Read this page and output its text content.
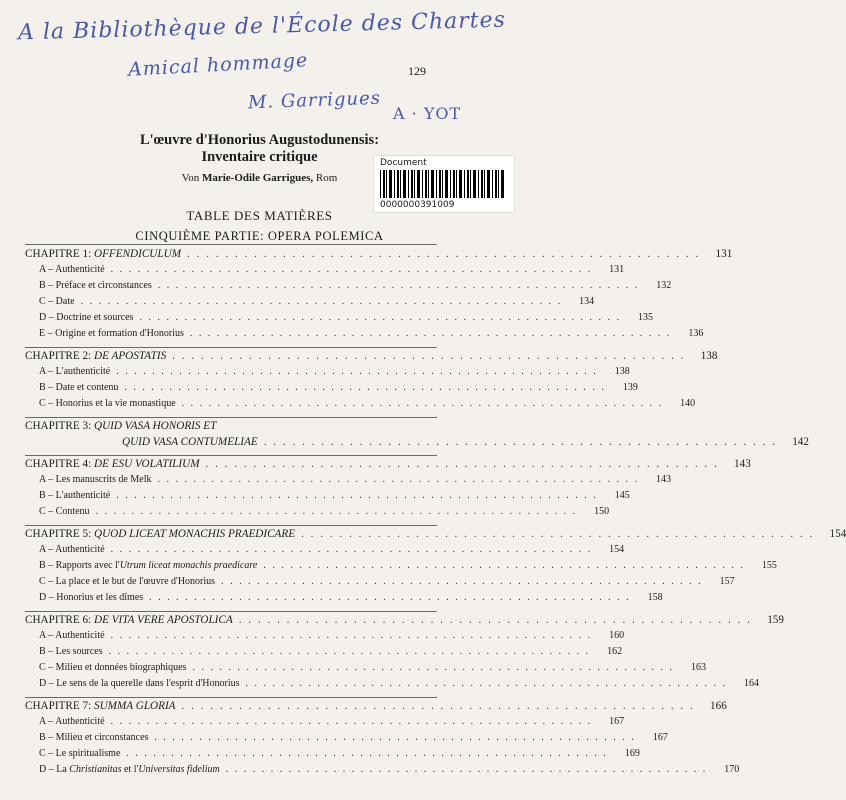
A la Bibliothèque de l'École des Chartes
Amical hommage
M. Garrigues
A · YOT
129
L'œuvre d'Honorius Augustodunensis:
Inventaire critique
Von Marie-Odile Garrigues, Rom
Document
0000000391009
TABLE DES MATIÈRES
CINQUIÈME PARTIE: OPERA POLEMICA
CHAPITRE 1: OFFENDICULUM . . . . . . . . . . . . . . . . . . . . . . . . . . . . . . . . . . . . . . . . . . . . . . . . . . . . . .	131
A – Authenticité . . . . . . . . . . . . . . . . . . . . . . . . . . . . . . . . . . . . . . . . . . . . . . . . . . . . . .	131
B – Préface et circonstances . . . . . . . . . . . . . . . . . . . . . . . . . . . . . . . . . . . . . . . . . . . . . . . . . . . . . .	132
C – Date . . . . . . . . . . . . . . . . . . . . . . . . . . . . . . . . . . . . . . . . . . . . . . . . . . . . . .	134
D – Doctrine et sources . . . . . . . . . . . . . . . . . . . . . . . . . . . . . . . . . . . . . . . . . . . . . . . . . . . . . .	135
E – Origine et formation d'Honorius . . . . . . . . . . . . . . . . . . . . . . . . . . . . . . . . . . . . . . . . . . . . . . . . . . . . . .	136
CHAPITRE 2: DE APOSTATIS . . . . . . . . . . . . . . . . . . . . . . . . . . . . . . . . . . . . . . . . . . . . . . . . . . . . . .	138
A – L'authenticité . . . . . . . . . . . . . . . . . . . . . . . . . . . . . . . . . . . . . . . . . . . . . . . . . . . . . .	138
B – Date et contenu . . . . . . . . . . . . . . . . . . . . . . . . . . . . . . . . . . . . . . . . . . . . . . . . . . . . . .	139
C – Honorius et la vie monastique . . . . . . . . . . . . . . . . . . . . . . . . . . . . . . . . . . . . . . . . . . . . . . . . . . . . . .	140
CHAPITRE 3: QUID VASA HONORIS ET
QUID VASA CONTUMELIAE . . . . . . . . . . . . . . . . . . . . . . . . . . . . . . . . . . . . . . . . . . . . . . . . . . . . . .	142
CHAPITRE 4: DE ESU VOLATILIUM . . . . . . . . . . . . . . . . . . . . . . . . . . . . . . . . . . . . . . . . . . . . . . . . . . . . . .	143
A – Les manuscrits de Melk . . . . . . . . . . . . . . . . . . . . . . . . . . . . . . . . . . . . . . . . . . . . . . . . . . . . . .	143
B – L'authenticité . . . . . . . . . . . . . . . . . . . . . . . . . . . . . . . . . . . . . . . . . . . . . . . . . . . . . .	145
C – Contenu . . . . . . . . . . . . . . . . . . . . . . . . . . . . . . . . . . . . . . . . . . . . . . . . . . . . . .	150
CHAPITRE 5: QUOD LICEAT MONACHIS PRAEDICARE . . . . . . . . . . . . . . . . . . . . . . . . . . . . . . . . . . . . . . . . . . . . . . . . . . . . . .	154
A – Authenticité . . . . . . . . . . . . . . . . . . . . . . . . . . . . . . . . . . . . . . . . . . . . . . . . . . . . . .	154
B – Rapports avec l'Utrum liceat monachis praedicare . . . . . . . . . . . . . . . . . . . . . . . . . . . . . . . . . . . . . . . . . . . . . . . . . . . . . .	155
C – La place et le but de l'œuvre d'Honorius . . . . . . . . . . . . . . . . . . . . . . . . . . . . . . . . . . . . . . . . . . . . . . . . . . . . . .	157
D – Honorius et les dîmes . . . . . . . . . . . . . . . . . . . . . . . . . . . . . . . . . . . . . . . . . . . . . . . . . . . . . .	158
CHAPITRE 6: DE VITA VERE APOSTOLICA . . . . . . . . . . . . . . . . . . . . . . . . . . . . . . . . . . . . . . . . . . . . . . . . . . . . . .	159
A – Authenticité . . . . . . . . . . . . . . . . . . . . . . . . . . . . . . . . . . . . . . . . . . . . . . . . . . . . . .	160
B – Les sources . . . . . . . . . . . . . . . . . . . . . . . . . . . . . . . . . . . . . . . . . . . . . . . . . . . . . .	162
C – Milieu et données biographiques . . . . . . . . . . . . . . . . . . . . . . . . . . . . . . . . . . . . . . . . . . . . . . . . . . . . . .	163
D – Le sens de la querelle dans l'esprit d'Honorius . . . . . . . . . . . . . . . . . . . . . . . . . . . . . . . . . . . . . . . . . . . . . . . . . . . . . .	164
CHAPITRE 7: SUMMA GLORIA . . . . . . . . . . . . . . . . . . . . . . . . . . . . . . . . . . . . . . . . . . . . . . . . . . . . . .	166
A – Authenticité . . . . . . . . . . . . . . . . . . . . . . . . . . . . . . . . . . . . . . . . . . . . . . . . . . . . . .	167
B – Milieu et circonstances . . . . . . . . . . . . . . . . . . . . . . . . . . . . . . . . . . . . . . . . . . . . . . . . . . . . . .	167
C – Le spiritualisme . . . . . . . . . . . . . . . . . . . . . . . . . . . . . . . . . . . . . . . . . . . . . . . . . . . . . .	169
D – La Christianitas et l'Universitas fidelium . . . . . . . . . . . . . . . . . . . . . . . . . . . . . . . . . . . . . . . . . . . . . . . . . . . . . .	170
